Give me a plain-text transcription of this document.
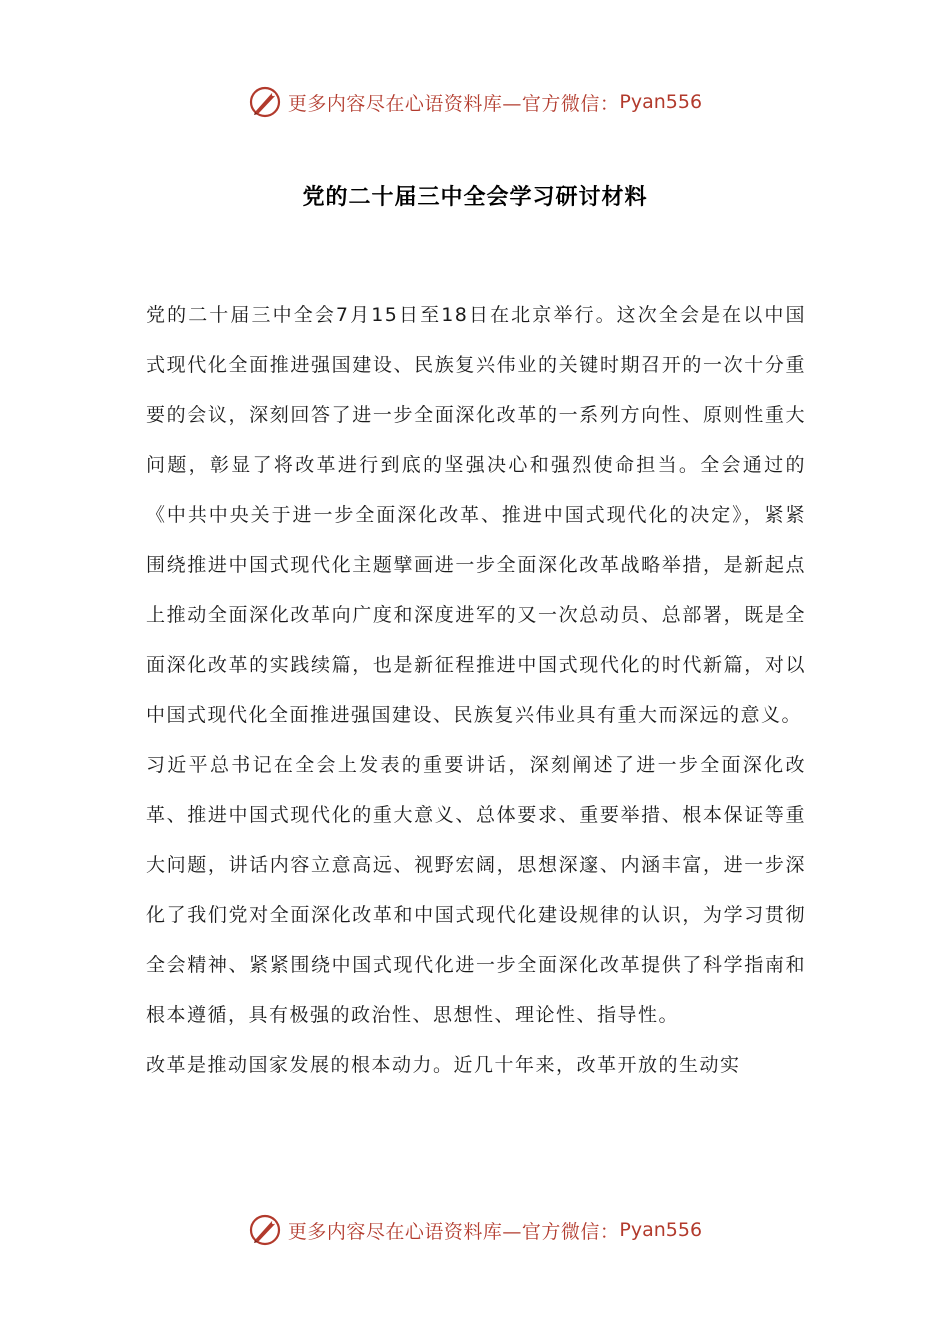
更多内容尽在心语资料库—官方微信： Pyan556
党的二十届三中全会学习研讨材料

党的二十届三中全会7月15日至18日在北京举行。这次全会是在以中国式现代化全面推进强国建设、民族复兴伟业的关键时期召开的一次十分重要的会议，深刻回答了进一步全面深化改革的一系列方向性、原则性重大问题，彰显了将改革进行到底的坚强决心和强烈使命担当。全会通过的《中共中央关于进一步全面深化改革、推进中国式现代化的决定》，紧紧围绕推进中国式现代化主题擘画进一步全面深化改革战略举措，是新起点上推动全面深化改革向广度和深度进军的又一次总动员、总部署，既是全面深化改革的实践续篇，也是新征程推进中国式现代化的时代新篇，对以中国式现代化全面推进强国建设、民族复兴伟业具有重大而深远的意义。

习近平总书记在全会上发表的重要讲话，深刻阐述了进一步全面深化改革、推进中国式现代化的重大意义、总体要求、重要举措、根本保证等重大问题，讲话内容立意高远、视野宏阔，思想深邃、内涵丰富，进一步深化了我们党对全面深化改革和中国式现代化建设规律的认识，为学习贯彻全会精神、紧紧围绕中国式现代化进一步全面深化改革提供了科学指南和根本遵循，具有极强的政治性、思想性、理论性、指导性。

改革是推动国家发展的根本动力。近几十年来，改革开放的生动实

更多内容尽在心语资料库—官方微信： Pyan556
